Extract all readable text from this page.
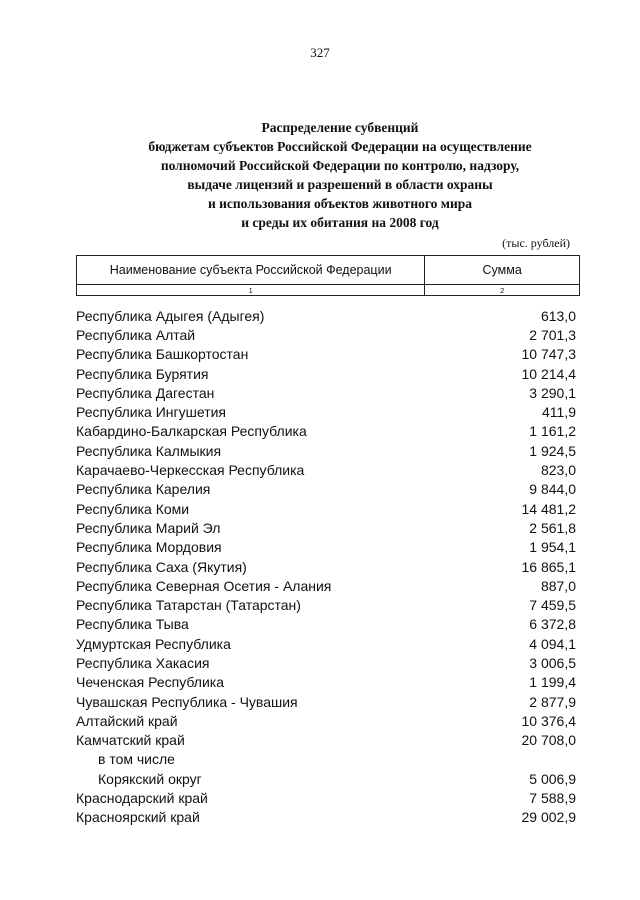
327
Распределение субвенций
бюджетам субъектов Российской Федерации на осуществление
полномочий Российской Федерации по контролю, надзору,
выдаче лицензий и разрешений в области охраны
и использования объектов животного мира
и среды их обитания на 2008 год
(тыс. рублей)
Наименование субъекта Российской Федерации	Сумма
1	2
Республика Адыгея (Адыгея)	613,0
Республика Алтай	2 701,3
Республика Башкортостан	10 747,3
Республика Бурятия	10 214,4
Республика Дагестан	3 290,1
Республика Ингушетия	411,9
Кабардино-Балкарская Республика	1 161,2
Республика Калмыкия	1 924,5
Карачаево-Черкесская Республика	823,0
Республика Карелия	9 844,0
Республика Коми	14 481,2
Республика Марий Эл	2 561,8
Республика Мордовия	1 954,1
Республика Саха (Якутия)	16 865,1
Республика Северная Осетия - Алания	887,0
Республика Татарстан (Татарстан)	7 459,5
Республика Тыва	6 372,8
Удмуртская Республика	4 094,1
Республика Хакасия	3 006,5
Чеченская Республика	1 199,4
Чувашская Республика - Чувашия	2 877,9
Алтайский край	10 376,4
Камчатский край	20 708,0
в том числе
Корякский округ	5 006,9
Краснодарский край	7 588,9
Красноярский край	29 002,9
